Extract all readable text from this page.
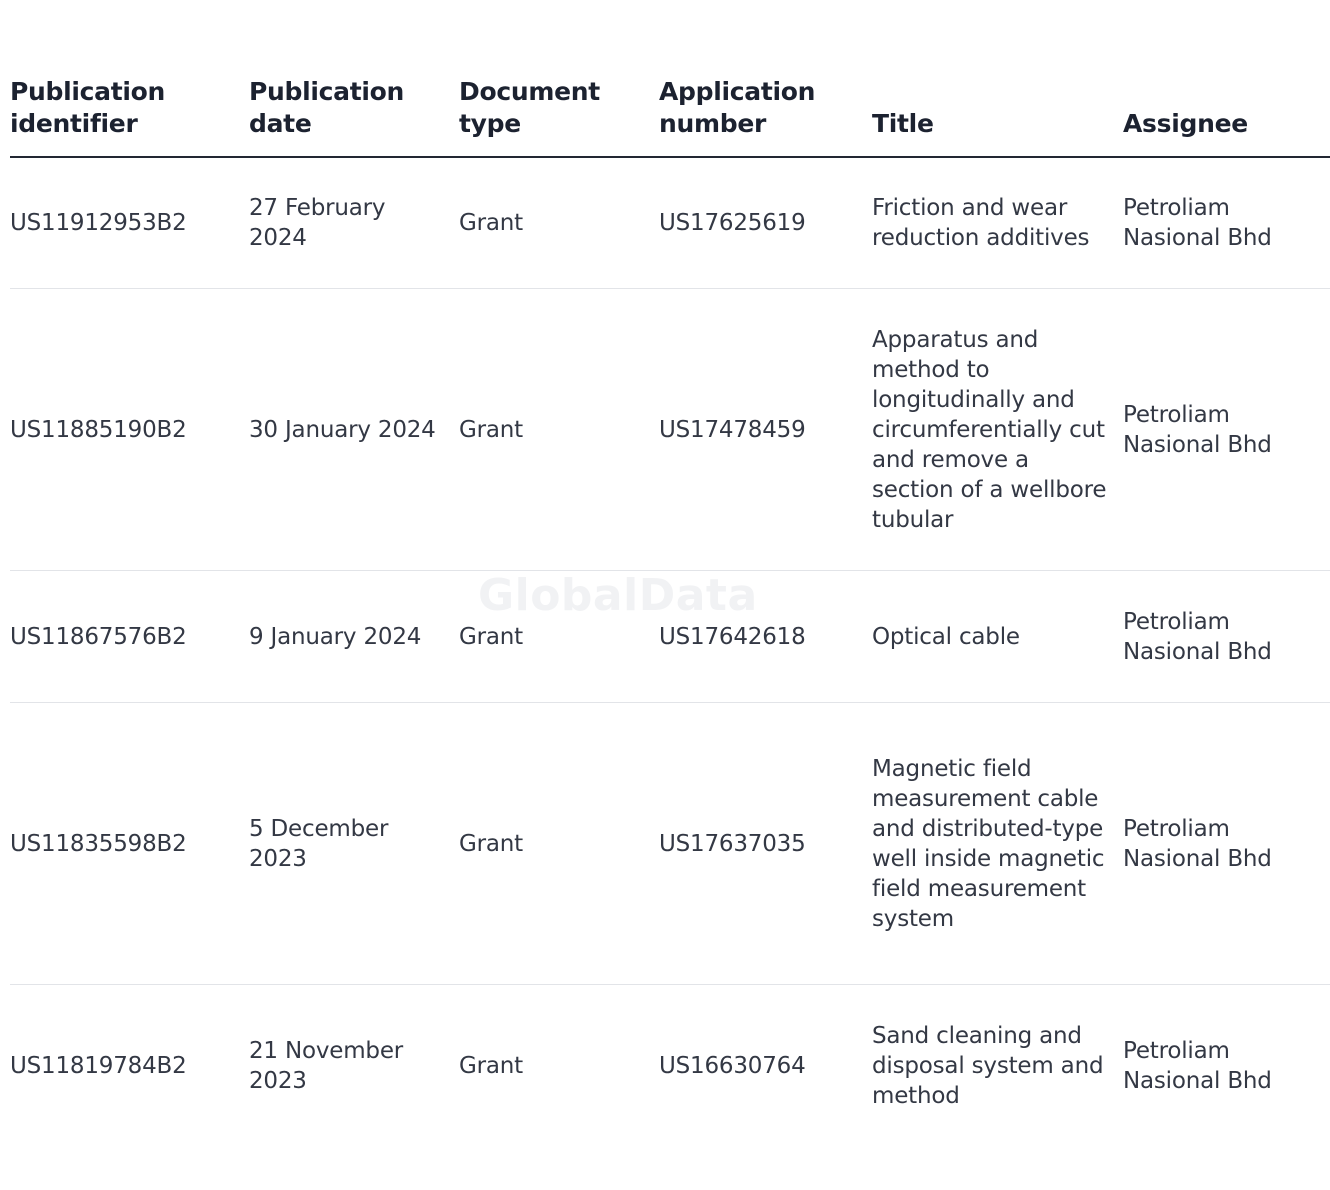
GlobalData
Publication identifier	Publication date	Document type	Application number	Title	Assignee
US11912953B2	27 February 2024	Grant	US17625619	Friction and wear reduction additives	Petroliam Nasional Bhd
US11885190B2	30 January 2024	Grant	US17478459	Apparatus and method to longitudinally and circumferentially cut and remove a section of a wellbore tubular	Petroliam Nasional Bhd
US11867576B2	9 January 2024	Grant	US17642618	Optical cable	Petroliam Nasional Bhd
US11835598B2	5 December 2023	Grant	US17637035	Magnetic field measurement cable and distributed-type well inside magnetic field measurement system	Petroliam Nasional Bhd
US11819784B2	21 November 2023	Grant	US16630764	Sand cleaning and disposal system and method	Petroliam Nasional Bhd
